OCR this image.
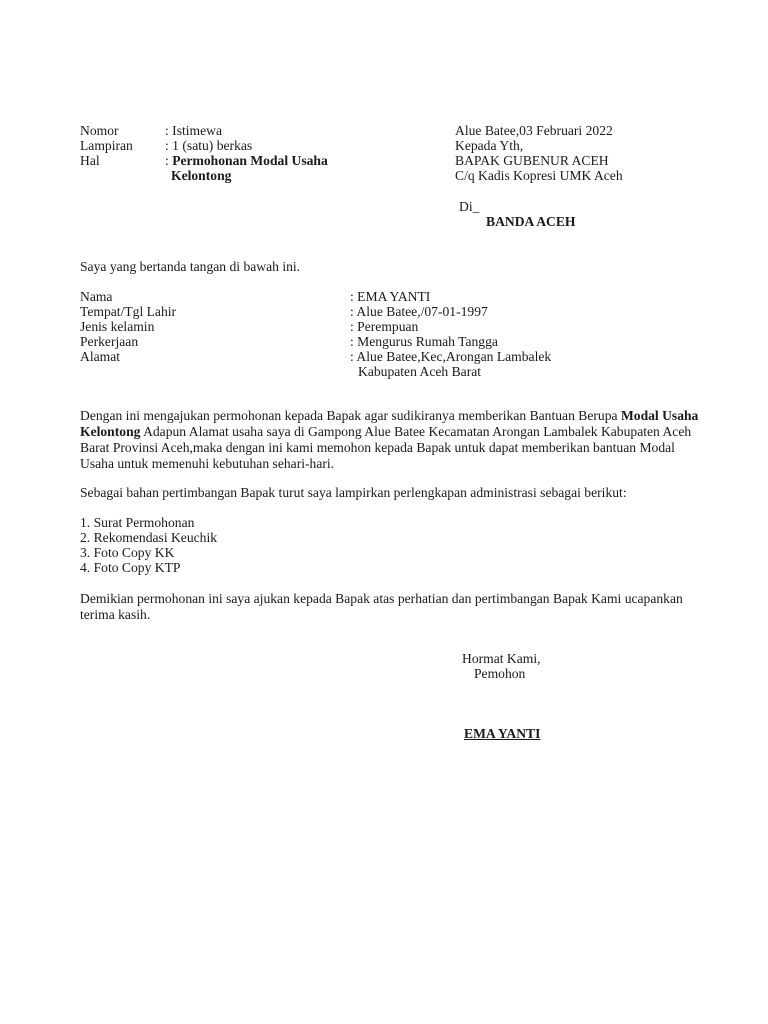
Nomor	: Istimewa
Lampiran : 1 (satu) berkas
Hal	: Permohonan Modal Usaha
Kelontong
Alue Batee,03 Februari 2022
Kepada Yth,
BAPAK GUBENUR ACEH
C/q Kadis Kopresi UMK Aceh
Di_
BANDA ACEH
Saya yang bertanda tangan di bawah ini.
Nama	: EMA YANTI
Tempat/Tgl Lahir	: Alue Batee,/07-01-1997
Jenis kelamin	: Perempuan
Perkerjaan	: Mengurus Rumah Tangga
Alamat	: Alue Batee,Kec,Arongan Lambalek
Kabupaten Aceh Barat
Dengan ini mengajukan permohonan kepada Bapak agar sudikiranya memberikan Bantuan Berupa Modal Usaha Kelontong Adapun Alamat usaha saya di Gampong Alue Batee Kecamatan Arongan Lambalek Kabupaten Aceh Barat Provinsi Aceh,maka dengan ini kami memohon kepada Bapak untuk dapat memberikan bantuan Modal Usaha untuk memenuhi kebutuhan sehari-hari.
Sebagai bahan pertimbangan Bapak turut saya lampirkan perlengkapan administrasi sebagai berikut:
1. Surat Permohonan
2. Rekomendasi Keuchik
3. Foto Copy KK
4. Foto Copy KTP
Demikian permohonan ini saya ajukan kepada Bapak atas perhatian dan pertimbangan Bapak Kami ucapankan terima kasih.
Hormat Kami,
Pemohon
EMA YANTI
